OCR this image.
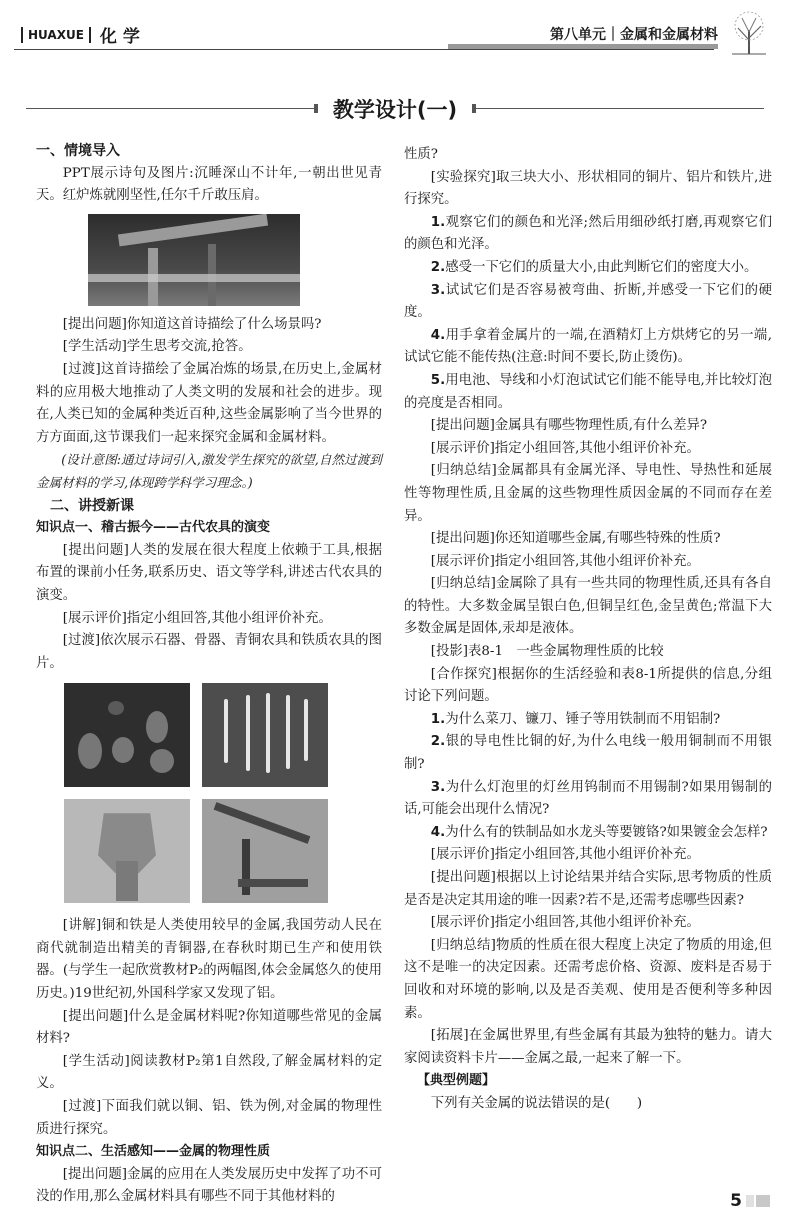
HUAXUE 化学	第八单元｜金属和金属材料
教学设计(一)

一、情境导入

PPT展示诗句及图片:沉睡深山不计年,一朝出世见青天。红炉炼就刚坚性,任尔千斤敢压肩。

[提出问题]你知道这首诗描绘了什么场景吗?

[学生活动]学生思考交流,抢答。

[过渡]这首诗描绘了金属冶炼的场景,在历史上,金属材料的应用极大地推动了人类文明的发展和社会的进步。现在,人类已知的金属种类近百种,这些金属影响了当今世界的方方面面,这节课我们一起来探究金属和金属材料。

(设计意图:通过诗词引入,激发学生探究的欲望,自然过渡到金属材料的学习,体现跨学科学习理念。)

二、讲授新课

知识点一、稽古振今——古代农具的演变

[提出问题]人类的发展在很大程度上依赖于工具,根据布置的课前小任务,联系历史、语文等学科,讲述古代农具的演变。

[展示评价]指定小组回答,其他小组评价补充。

[过渡]依次展示石器、骨器、青铜农具和铁质农具的图片。

[讲解]铜和铁是人类使用较早的金属,我国劳动人民在商代就制造出精美的青铜器,在春秋时期已生产和使用铁器。(与学生一起欣赏教材P₂的两幅图,体会金属悠久的使用历史。)19世纪初,外国科学家又发现了铝。

[提出问题]什么是金属材料呢?你知道哪些常见的金属材料?

[学生活动]阅读教材P₂第1自然段,了解金属材料的定义。

[过渡]下面我们就以铜、铝、铁为例,对金属的物理性质进行探究。

知识点二、生活感知——金属的物理性质

[提出问题]金属的应用在人类发展历史中发挥了功不可没的作用,那么金属材料具有哪些不同于其他材料的

性质?

[实验探究]取三块大小、形状相同的铜片、铝片和铁片,进行探究。

1.观察它们的颜色和光泽;然后用细砂纸打磨,再观察它们的颜色和光泽。

2.感受一下它们的质量大小,由此判断它们的密度大小。

3.试试它们是否容易被弯曲、折断,并感受一下它们的硬度。

4.用手拿着金属片的一端,在酒精灯上方烘烤它的另一端,试试它能不能传热(注意:时间不要长,防止烫伤)。

5.用电池、导线和小灯泡试试它们能不能导电,并比较灯泡的亮度是否相同。

[提出问题]金属具有哪些物理性质,有什么差异?

[展示评价]指定小组回答,其他小组评价补充。

[归纳总结]金属都具有金属光泽、导电性、导热性和延展性等物理性质,且金属的这些物理性质因金属的不同而存在差异。

[提出问题]你还知道哪些金属,有哪些特殊的性质?

[展示评价]指定小组回答,其他小组评价补充。

[归纳总结]金属除了具有一些共同的物理性质,还具有各自的特性。大多数金属呈银白色,但铜呈红色,金呈黄色;常温下大多数金属是固体,汞却是液体。

[投影]表8-1　一些金属物理性质的比较

[合作探究]根据你的生活经验和表8-1所提供的信息,分组讨论下列问题。

1.为什么菜刀、镰刀、锤子等用铁制而不用铝制?

2.银的导电性比铜的好,为什么电线一般用铜制而不用银制?

3.为什么灯泡里的灯丝用钨制而不用锡制?如果用锡制的话,可能会出现什么情况?

4.为什么有的铁制品如水龙头等要镀铬?如果镀金会怎样?

[展示评价]指定小组回答,其他小组评价补充。

[提出问题]根据以上讨论结果并结合实际,思考物质的性质是否是决定其用途的唯一因素?若不是,还需考虑哪些因素?

[展示评价]指定小组回答,其他小组评价补充。

[归纳总结]物质的性质在很大程度上决定了物质的用途,但这不是唯一的决定因素。还需考虑价格、资源、废料是否易于回收和对环境的影响,以及是否美观、使用是否便利等多种因素。

[拓展]在金属世界里,有些金属有其最为独特的魅力。请大家阅读资料卡片——金属之最,一起来了解一下。

【典型例题】

下列有关金属的说法错误的是(　　)

5
